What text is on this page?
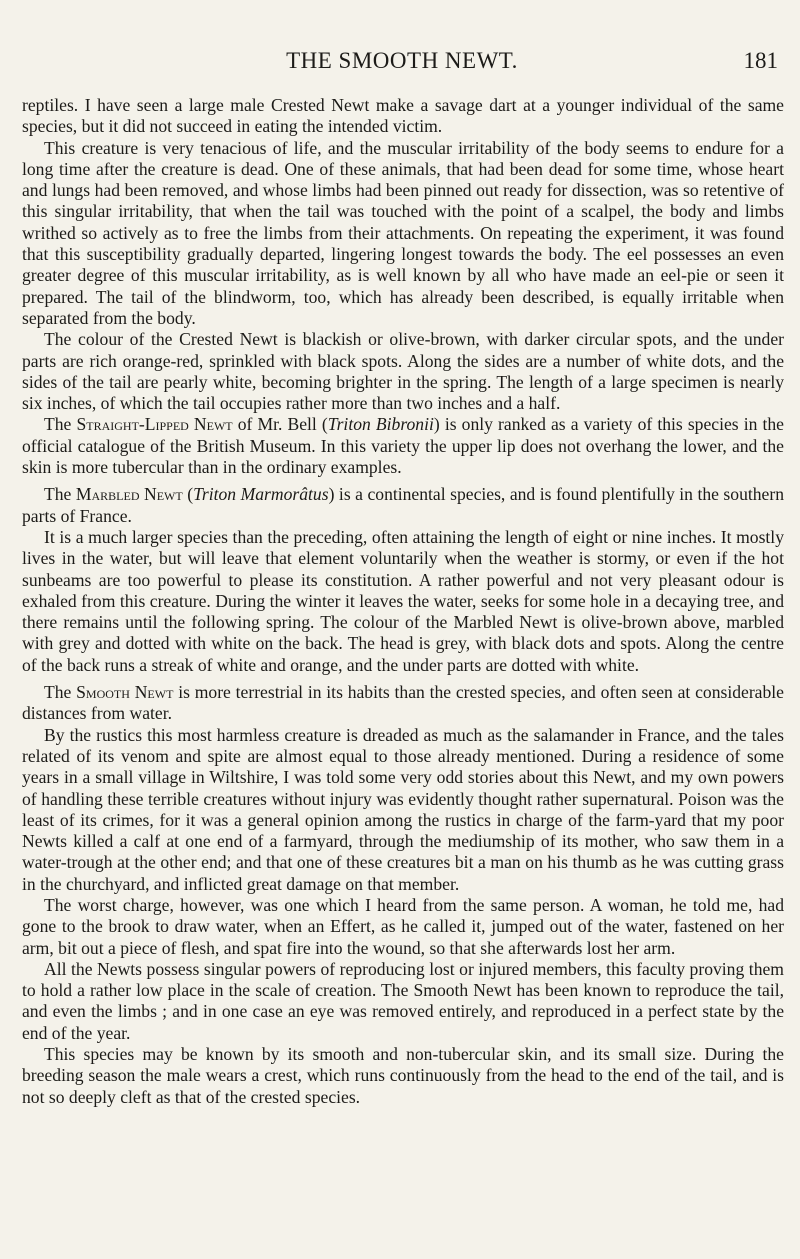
THE SMOOTH NEWT.	181

reptiles. I have seen a large male Crested Newt make a savage dart at a younger individual of the same species, but it did not succeed in eating the intended victim.

This creature is very tenacious of life, and the muscular irritability of the body seems to endure for a long time after the creature is dead. One of these animals, that had been dead for some time, whose heart and lungs had been removed, and whose limbs had been pinned out ready for dissection, was so retentive of this singular irritability, that when the tail was touched with the point of a scalpel, the body and limbs writhed so actively as to free the limbs from their attachments. On repeating the experiment, it was found that this susceptibility gradually departed, lingering longest towards the body. The eel possesses an even greater degree of this muscular irritability, as is well known by all who have made an eel-pie or seen it prepared. The tail of the blindworm, too, which has already been described, is equally irritable when separated from the body.

The colour of the Crested Newt is blackish or olive-brown, with darker circular spots, and the under parts are rich orange-red, sprinkled with black spots. Along the sides are a number of white dots, and the sides of the tail are pearly white, becoming brighter in the spring. The length of a large specimen is nearly six inches, of which the tail occupies rather more than two inches and a half.

The Straight-Lipped Newt of Mr. Bell (Triton Bibronii) is only ranked as a variety of this species in the official catalogue of the British Museum. In this variety the upper lip does not overhang the lower, and the skin is more tubercular than in the ordinary examples.

The Marbled Newt (Triton Marmorâtus) is a continental species, and is found plentifully in the southern parts of France.

It is a much larger species than the preceding, often attaining the length of eight or nine inches. It mostly lives in the water, but will leave that element voluntarily when the weather is stormy, or even if the hot sunbeams are too powerful to please its constitution. A rather powerful and not very pleasant odour is exhaled from this creature. During the winter it leaves the water, seeks for some hole in a decaying tree, and there remains until the following spring. The colour of the Marbled Newt is olive-brown above, marbled with grey and dotted with white on the back. The head is grey, with black dots and spots. Along the centre of the back runs a streak of white and orange, and the under parts are dotted with white.

The Smooth Newt is more terrestrial in its habits than the crested species, and often seen at considerable distances from water.

By the rustics this most harmless creature is dreaded as much as the salamander in France, and the tales related of its venom and spite are almost equal to those already mentioned. During a residence of some years in a small village in Wiltshire, I was told some very odd stories about this Newt, and my own powers of handling these terrible creatures without injury was evidently thought rather supernatural. Poison was the least of its crimes, for it was a general opinion among the rustics in charge of the farm-yard that my poor Newts killed a calf at one end of a farmyard, through the mediumship of its mother, who saw them in a water-trough at the other end; and that one of these creatures bit a man on his thumb as he was cutting grass in the churchyard, and inflicted great damage on that member.

The worst charge, however, was one which I heard from the same person. A woman, he told me, had gone to the brook to draw water, when an Effert, as he called it, jumped out of the water, fastened on her arm, bit out a piece of flesh, and spat fire into the wound, so that she afterwards lost her arm.

All the Newts possess singular powers of reproducing lost or injured members, this faculty proving them to hold a rather low place in the scale of creation. The Smooth Newt has been known to reproduce the tail, and even the limbs ; and in one case an eye was removed entirely, and reproduced in a perfect state by the end of the year.

This species may be known by its smooth and non-tubercular skin, and its small size. During the breeding season the male wears a crest, which runs continuously from the head to the end of the tail, and is not so deeply cleft as that of the crested species.
